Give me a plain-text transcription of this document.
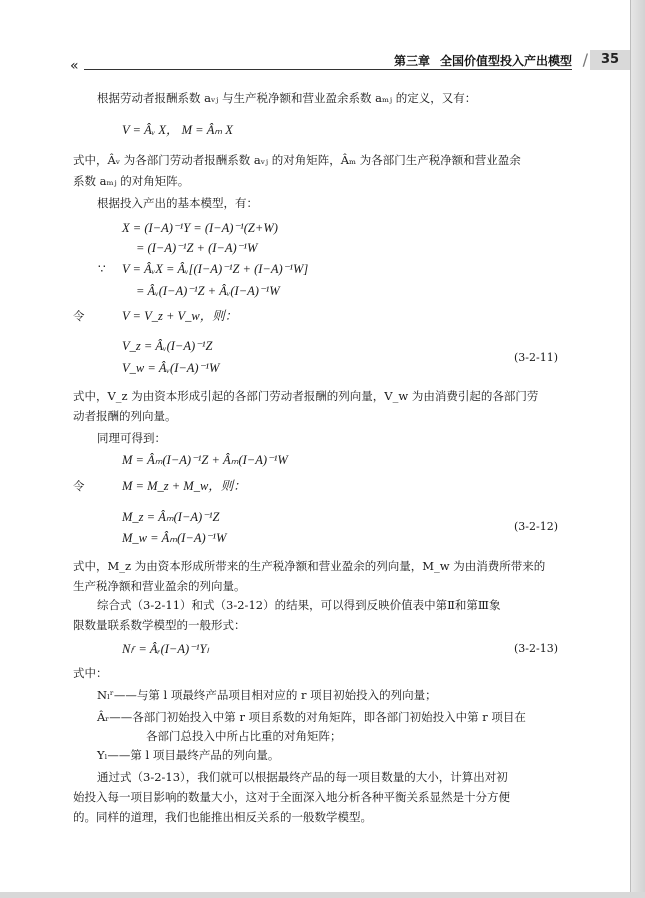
«	第三章 全国价值型投入产出模型 / 35
根据劳动者报酬系数 aᵥⱼ 与生产税净额和营业盈余系数 aₘⱼ 的定义，又有：
V = Âᵥ X， M = Âₘ X
式中，Âᵥ 为各部门劳动者报酬系数 aᵥⱼ 的对角矩阵，Âₘ 为各部门生产税净额和营业盈余
系数 aₘⱼ 的对角矩阵。
根据投入产出的基本模型，有：
X = (I−A)⁻¹Y = (I−A)⁻¹(Z+W)
= (I−A)⁻¹Z + (I−A)⁻¹W
∵ V = ÂᵥX = Âᵥ[(I−A)⁻¹Z + (I−A)⁻¹W]
= Âᵥ(I−A)⁻¹Z + Âᵥ(I−A)⁻¹W
令	V = V_z + V_w，则：
V_z = Âᵥ(I−A)⁻¹Z
V_w = Âᵥ(I−A)⁻¹W
(3-2-11)
式中，V_z 为由资本形成引起的各部门劳动者报酬的列向量，V_w 为由消费引起的各部门劳
动者报酬的列向量。
同理可得到：
M = Âₘ(I−A)⁻¹Z + Âₘ(I−A)⁻¹W
令	M = M_z + M_w，则：
M_z = Âₘ(I−A)⁻¹Z
M_w = Âₘ(I−A)⁻¹W
(3-2-12)
式中，M_z 为由资本形成所带来的生产税净额和营业盈余的列向量，M_w 为由消费所带来的
生产税净额和营业盈余的列向量。
综合式（3-2-11）和式（3-2-12）的结果，可以得到反映价值表中第Ⅱ和第Ⅲ象
限数量联系数学模型的一般形式：
Nₗʳ = Âᵣ(I−A)⁻¹Yₗ	(3-2-13)
式中：
Nₗʳ——与第 l 项最终产品项目相对应的 r 项目初始投入的列向量；
Âᵣ——各部门初始投入中第 r 项目系数的对角矩阵，即各部门初始投入中第 r 项目在
各部门总投入中所占比重的对角矩阵；
Yₗ——第 l 项目最终产品的列向量。
通过式（3-2-13），我们就可以根据最终产品的每一项目数量的大小，计算出对初
始投入每一项目影响的数量大小，这对于全面深入地分析各种平衡关系显然是十分方便
的。同样的道理，我们也能推出相反关系的一般数学模型。
